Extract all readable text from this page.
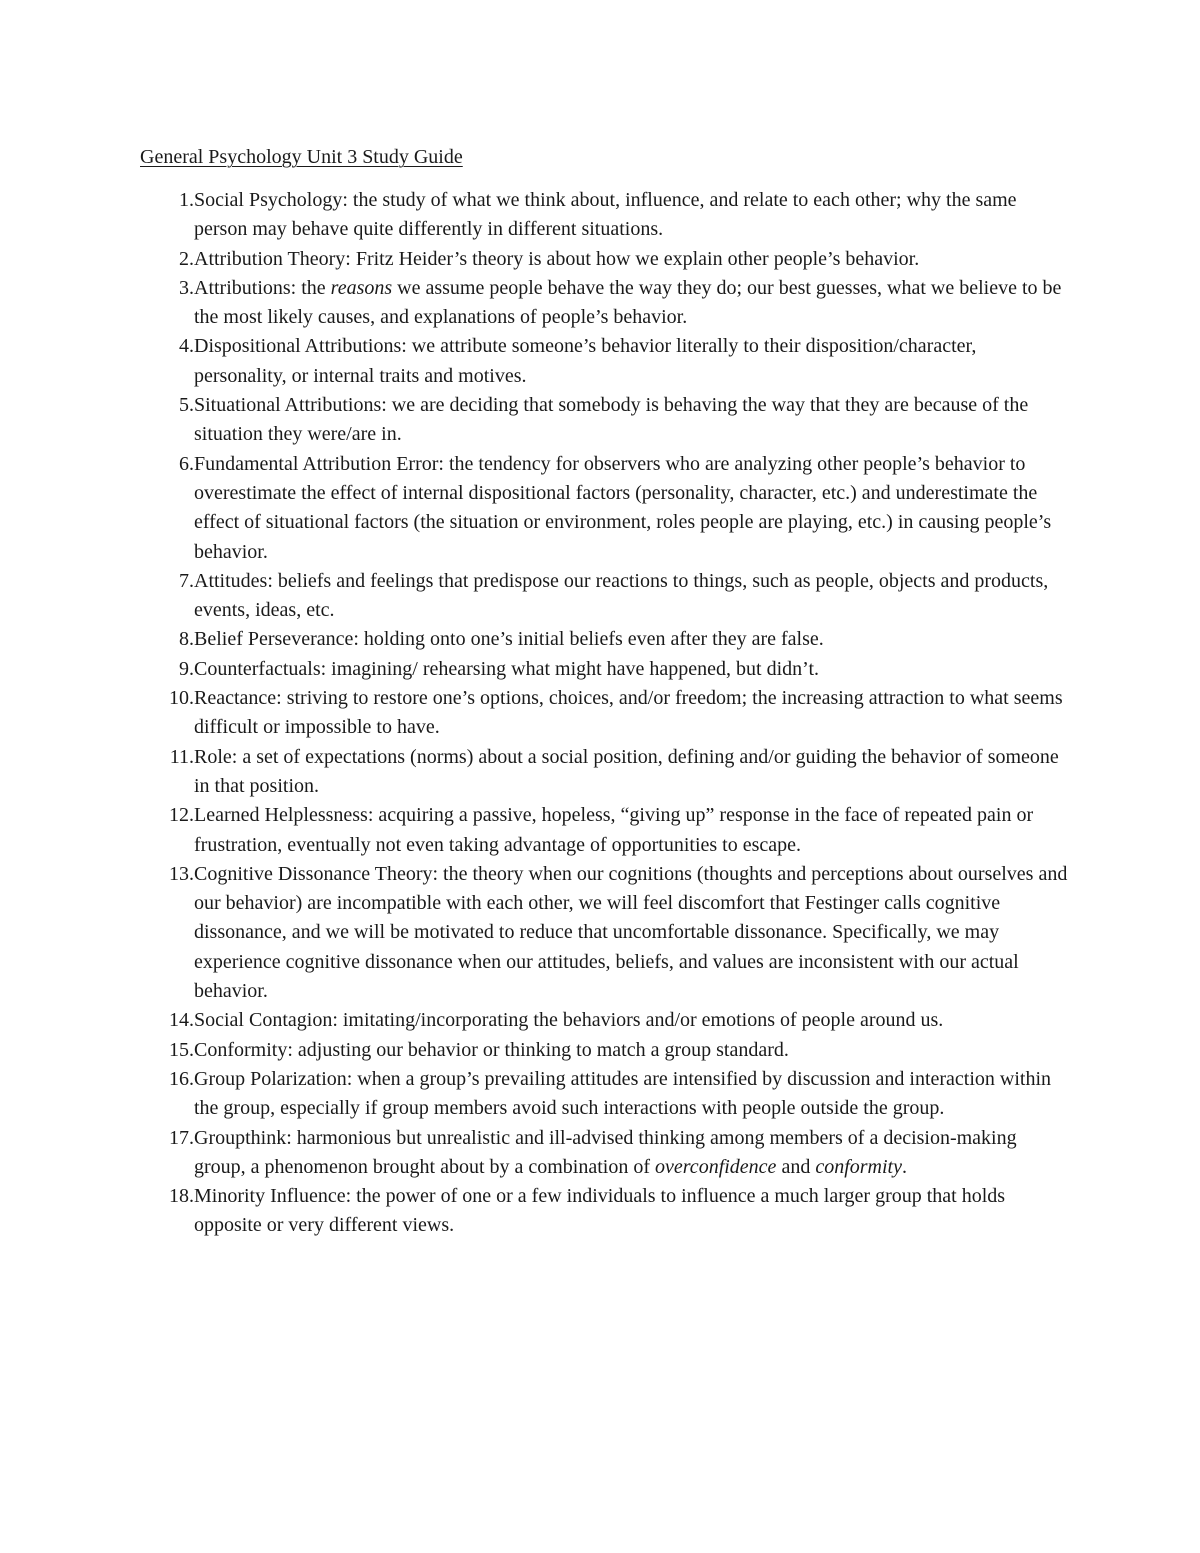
General Psychology Unit 3 Study Guide
1. Social Psychology: the study of what we think about, influence, and relate to each other; why the same person may behave quite differently in different situations.
2. Attribution Theory: Fritz Heider’s theory is about how we explain other people’s behavior.
3. Attributions: the reasons we assume people behave the way they do; our best guesses, what we believe to be the most likely causes, and explanations of people’s behavior.
4. Dispositional Attributions: we attribute someone’s behavior literally to their disposition/character, personality, or internal traits and motives.
5. Situational Attributions: we are deciding that somebody is behaving the way that they are because of the situation they were/are in.
6. Fundamental Attribution Error: the tendency for observers who are analyzing other people’s behavior to overestimate the effect of internal dispositional factors (personality, character, etc.) and underestimate the effect of situational factors (the situation or environment, roles people are playing, etc.) in causing people’s behavior.
7. Attitudes: beliefs and feelings that predispose our reactions to things, such as people, objects and products, events, ideas, etc.
8. Belief Perseverance: holding onto one’s initial beliefs even after they are false.
9. Counterfactuals: imagining/ rehearsing what might have happened, but didn’t.
10. Reactance: striving to restore one’s options, choices, and/or freedom; the increasing attraction to what seems difficult or impossible to have.
11. Role: a set of expectations (norms) about a social position, defining and/or guiding the behavior of someone in that position.
12. Learned Helplessness: acquiring a passive, hopeless, “giving up” response in the face of repeated pain or frustration, eventually not even taking advantage of opportunities to escape.
13. Cognitive Dissonance Theory: the theory when our cognitions (thoughts and perceptions about ourselves and our behavior) are incompatible with each other, we will feel discomfort that Festinger calls cognitive dissonance, and we will be motivated to reduce that uncomfortable dissonance. Specifically, we may experience cognitive dissonance when our attitudes, beliefs, and values are inconsistent with our actual behavior.
14. Social Contagion: imitating/incorporating the behaviors and/or emotions of people around us.
15. Conformity: adjusting our behavior or thinking to match a group standard.
16. Group Polarization: when a group’s prevailing attitudes are intensified by discussion and interaction within the group, especially if group members avoid such interactions with people outside the group.
17. Groupthink: harmonious but unrealistic and ill-advised thinking among members of a decision-making group, a phenomenon brought about by a combination of overconfidence and conformity.
18. Minority Influence: the power of one or a few individuals to influence a much larger group that holds opposite or very different views.
